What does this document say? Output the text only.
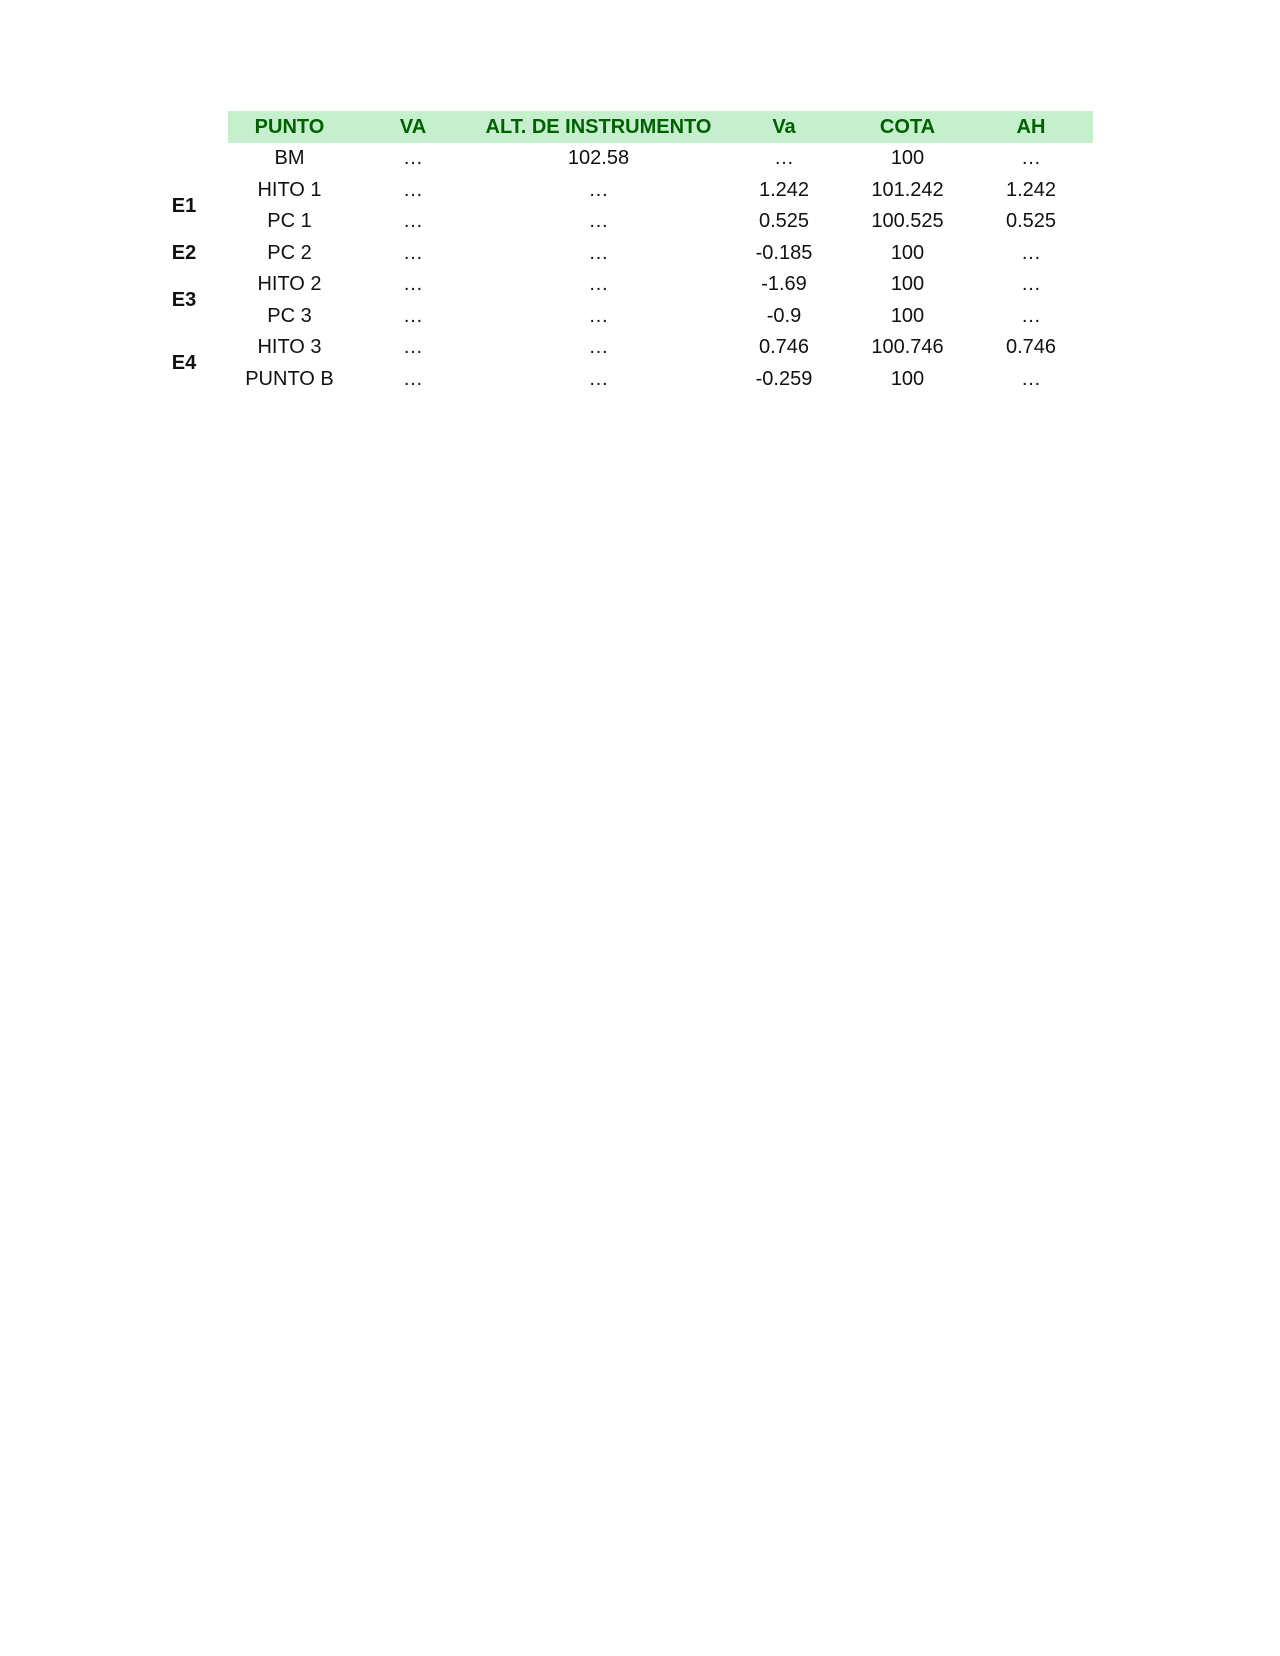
	PUNTO	VA	ALT. DE INSTRUMENTO	Va	COTA	AH
	BM	…	102.58	…	100	…
E1	HITO 1	…	…	1.242	101.242	1.242
	PC 1	…	…	0.525	100.525	0.525
E2	PC 2	…	…	-0.185	100	…
E3	HITO 2	…	…	-1.69	100	…
	PC 3	…	…	-0.9	100	…
E4	HITO 3	…	…	0.746	100.746	0.746
	PUNTO B	…	…	-0.259	100	…
